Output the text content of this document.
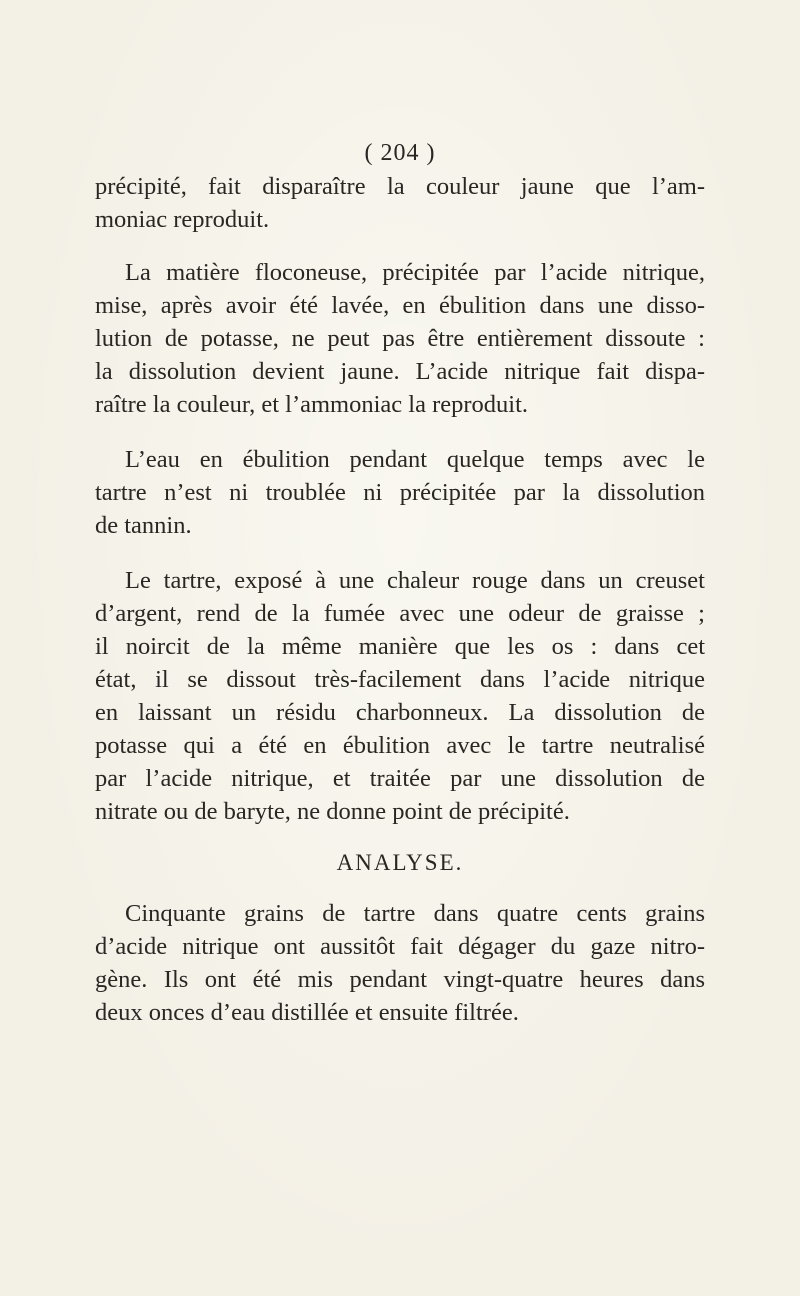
( 204 )
précipité, fait disparaître la couleur jaune que l’am-
moniac reproduit.
La matière floconeuse, précipitée par l’acide nitrique,
mise, après avoir été lavée, en ébulition dans une disso-
lution de potasse, ne peut pas être entièrement dissoute :
la dissolution devient jaune. L’acide nitrique fait dispa-
raître la couleur, et l’ammoniac la reproduit.
L’eau en ébulition pendant quelque temps avec le
tartre n’est ni troublée ni précipitée par la dissolution
de tannin.
Le tartre, exposé à une chaleur rouge dans un creuset
d’argent, rend de la fumée avec une odeur de graisse ;
il noircit de la même manière que les os : dans cet
état, il se dissout très-facilement dans l’acide nitrique
en laissant un résidu charbonneux. La dissolution de
potasse qui a été en ébulition avec le tartre neutralisé
par l’acide nitrique, et traitée par une dissolution de
nitrate ou de baryte, ne donne point de précipité.
ANALYSE.
Cinquante grains de tartre dans quatre cents grains
d’acide nitrique ont aussitôt fait dégager du gaze nitro-
gène. Ils ont été mis pendant vingt-quatre heures dans
deux onces d’eau distillée et ensuite filtrée.
